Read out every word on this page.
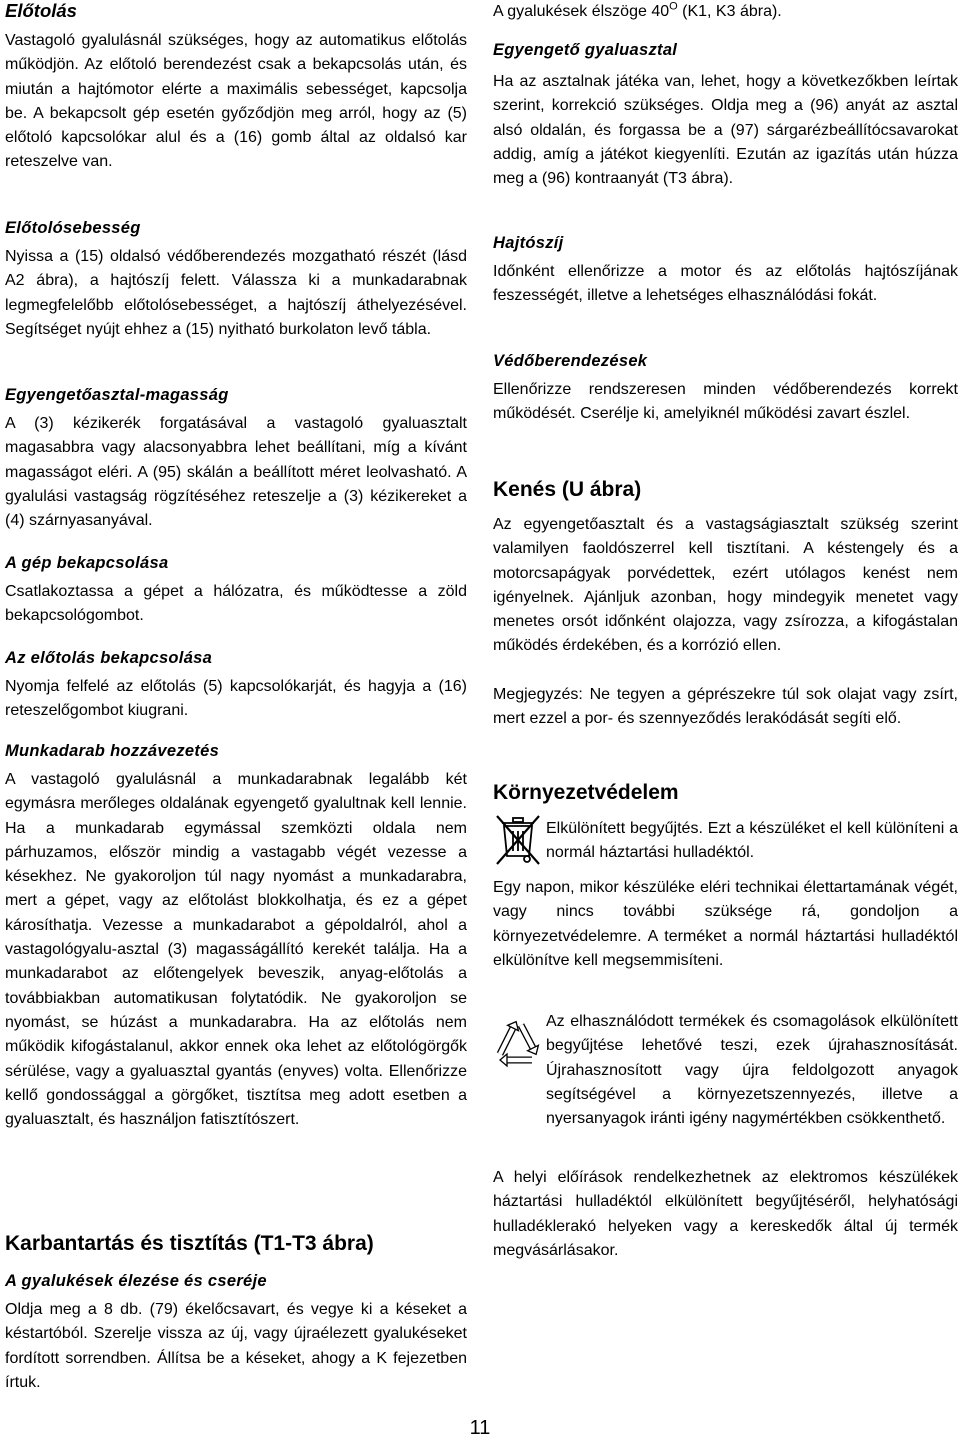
Előtolás

Vastagoló gyalulásnál szükséges, hogy az automatikus előtolás működjön. Az előtoló berendezést csak a bekapcsolás után, és miután a hajtómotor elérte a maximális sebességet, kapcsolja be. A bekapcsolt gép esetén győződjön meg arról, hogy az (5) előtoló kapcsolókar alul és a (16) gomb által az oldalsó kar reteszelve van.

Előtolósebesség

Nyissa a (15) oldalsó védőberendezés mozgatható részét (lásd A2 ábra), a hajtószíj felett. Válassza ki a munkadarabnak legmegfelelőbb előtolósebességet, a hajtószíj áthelyezésével. Segítséget nyújt ehhez a (15) nyitható burkolaton levő tábla.

Egyengetőasztal-magasság

A (3) kézikerék forgatásával a vastagoló gyaluasztalt magasabbra vagy alacsonyabbra lehet beállítani, míg a kívánt magasságot eléri. A (95) skálán a beállított méret leolvasható. A gyalulási vastagság rögzítéséhez reteszelje a (3) kézikereket a (4) szárnyasanyával.

A gép bekapcsolása

Csatlakoztassa a gépet a hálózatra, és működtesse a zöld bekapcsológombot.

Az előtolás bekapcsolása

Nyomja felfelé az előtolás (5) kapcsolókarját, és hagyja a (16) reteszelőgombot kiugrani.

Munkadarab hozzávezetés

A vastagoló gyalulásnál a munkadarabnak legalább két egymásra merőleges oldalának egyengető gyalultnak kell lennie. Ha a munkadarab egymással szemközti oldala nem párhuzamos, először mindig a vastagabb végét vezesse a késekhez. Ne gyakoroljon túl nagy nyomást a munkadarabra, mert a gépet, vagy az előtolást blokkolhatja, és ez a gépet károsíthatja. Vezesse a munkadarabot a gépoldalról, ahol a vastagológyalu-asztal (3) magasságállító kerekét találja. Ha a munkadarabot az előtengelyek beveszik, anyag-előtolás a továbbiakban automatikusan folytatódik. Ne gyakoroljon se nyomást, se húzást a munkadarabra. Ha az előtolás nem működik kifogástalanul, akkor ennek oka lehet az előtológörgők sérülése, vagy a gyaluasztal gyantás (enyves) volta. Ellenőrizze kellő gondossággal a görgőket, tisztítsa meg adott esetben a gyaluasztalt, és használjon fatisztítószert.

Karbantartás és tisztítás (T1-T3 ábra)
A gyalukések élezése és cseréje

Oldja meg a 8 db. (79) ékelőcsavart, és vegye ki a késeket a késtartóból. Szerelje vissza az új, vagy újraélezett gyalukéseket fordított sorrendben. Állítsa be a késeket, ahogy a K fejezetben írtuk.

A gyalukések élszöge $40^O$ (K1, K3 ábra).

Egyengető gyaluasztal

Ha az asztalnak játéka van, lehet, hogy a következőkben leírtak szerint, korrekció szükséges. Oldja meg a (96) anyát az asztal alsó oldalán, és forgassa be a (97) sárgarézbeállítócsavarokat addig, amíg a játékot kiegyenlíti. Ezután az igazítás után húzza meg a (96) kontraanyát (T3 ábra).

Hajtószíj

Időnként ellenőrizze a motor és az előtolás hajtószíjának feszességét, illetve a lehetséges elhasználódási fokát.

Védőberendezések

Ellenőrizze rendszeresen minden védőberendezés korrekt működését. Cserélje ki, amelyiknél működési zavart észlel.

Kenés (U ábra)

Az egyengetőasztalt és a vastagságiasztalt szükség szerint valamilyen faoldószerrel kell tisztítani. A késtengely és a motorcsapágyak porvédettek, ezért utólagos kenést nem igényelnek. Ajánljuk azonban, hogy mindegyik menetet vagy menetes orsót időnként olajozza, vagy zsírozza, a kifogástalan működés érdekében, és a korrózió ellen.

Megjegyzés: Ne tegyen a géprészekre túl sok olajat vagy zsírt, mert ezzel a por- és szennyeződés lerakódását segíti elő.

Környezetvédelem

Elkülönített begyűjtés. Ezt a készüléket el kell különíteni a normál háztartási hulladéktól.

Egy napon, mikor készüléke eléri technikai élettartamának végét, vagy nincs további szüksége rá, gondoljon a környezetvédelemre. A terméket a normál háztartási hulladéktól elkülönítve kell megsemmisíteni.

Az elhasználódott termékek és csomagolások elkülönített begyűjtése lehetővé teszi, ezek újrahasznosítását. Újrahasznosított vagy újra feldolgozott anyagok segítségével a környezetszennyezés, illetve a nyersanyagok iránti igény nagymértékben csökkenthető.

A helyi előírások rendelkezhetnek az elektromos készülékek háztartási hulladéktól elkülönített begyűjtéséről, helyhatósági hulladéklerakó helyeken vagy a kereskedők által új termék megvásárlásakor.

11
